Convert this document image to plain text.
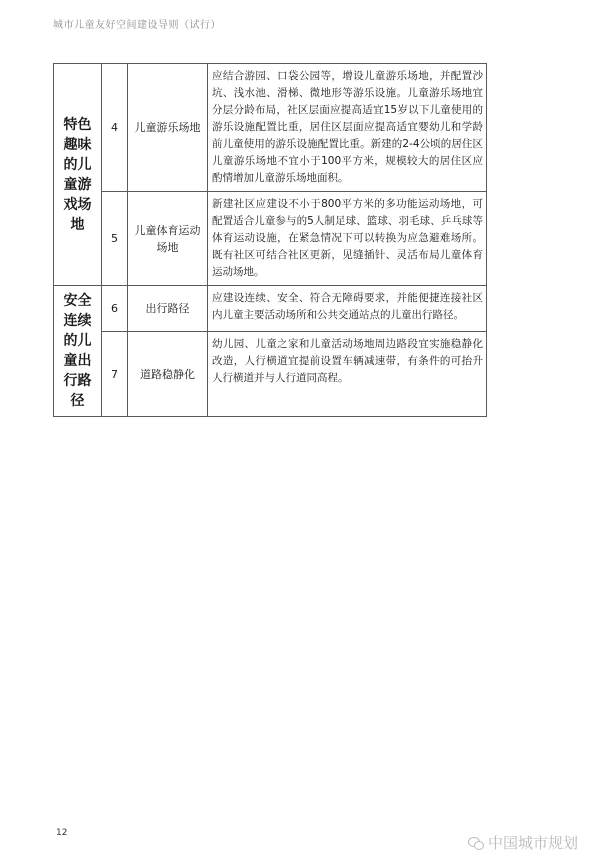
城市儿童友好空间建设导则（试行）
特色趣味的儿童游戏场地	4	儿童游乐场地	应结合游园、口袋公园等，增设儿童游乐场地，并配置沙坑、浅水池、滑梯、微地形等游乐设施。儿童游乐场地宜分层分龄布局，社区层面应提高适宜15岁以下儿童使用的游乐设施配置比重，居住区层面应提高适宜婴幼儿和学龄前儿童使用的游乐设施配置比重。新建的2-4公顷的居住区儿童游乐场地不宜小于100平方米，规模较大的居住区应酌情增加儿童游乐场地面积。
	5	儿童体育运动场地	新建社区应建设不小于800平方米的多功能运动场地，可配置适合儿童参与的5人制足球、篮球、羽毛球、乒乓球等体育运动设施，在紧急情况下可以转换为应急避难场所。既有社区可结合社区更新，见缝插针、灵活布局儿童体育运动场地。
安全连续的儿童出行路径	6	出行路径	应建设连续、安全、符合无障碍要求，并能便捷连接社区内儿童主要活动场所和公共交通站点的儿童出行路径。
	7	道路稳静化	幼儿园、儿童之家和儿童活动场地周边路段宜实施稳静化改造，人行横道宜提前设置车辆减速带，有条件的可抬升人行横道并与人行道同高程。
12
中国城市规划
